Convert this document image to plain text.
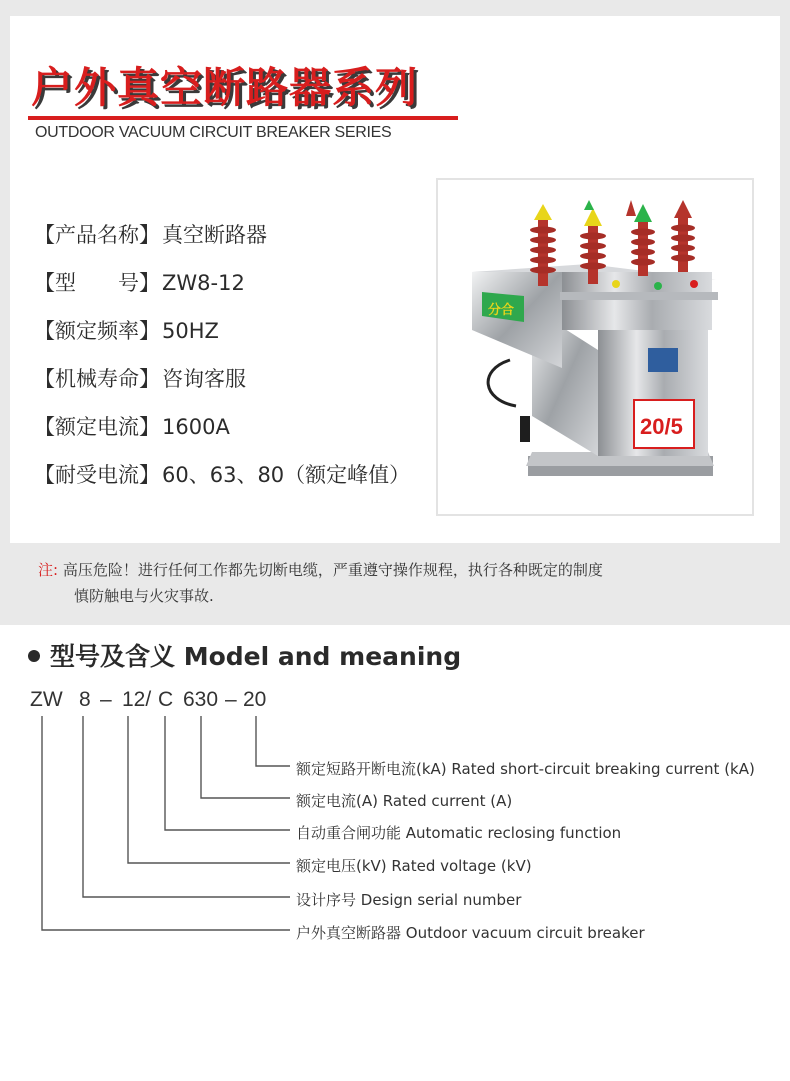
户外真空断路器系列
OUTDOOR VACUUM CIRCUIT BREAKER SERIES
【产品名称】真空断路器
【型　　号】ZW8-12
【额定频率】50HZ
【机械寿命】咨询客服
【额定电流】1600A
【耐受电流】60、63、80（额定峰值）
分合
20/5
注: 高压危险！进行任何工作都先切断电缆，严重遵守操作规程，执行各种既定的制度
慎防触电与火灾事故.
型号及含义 Model and meaning
ZW 8 – 12/ C 630 – 20
额定短路开断电流(kA) Rated short-circuit breaking current (kA)
额定电流(A) Rated current (A)
自动重合闸功能 Automatic reclosing function
额定电压(kV) Rated voltage (kV)
设计序号 Design serial number
户外真空断路器 Outdoor vacuum circuit breaker
